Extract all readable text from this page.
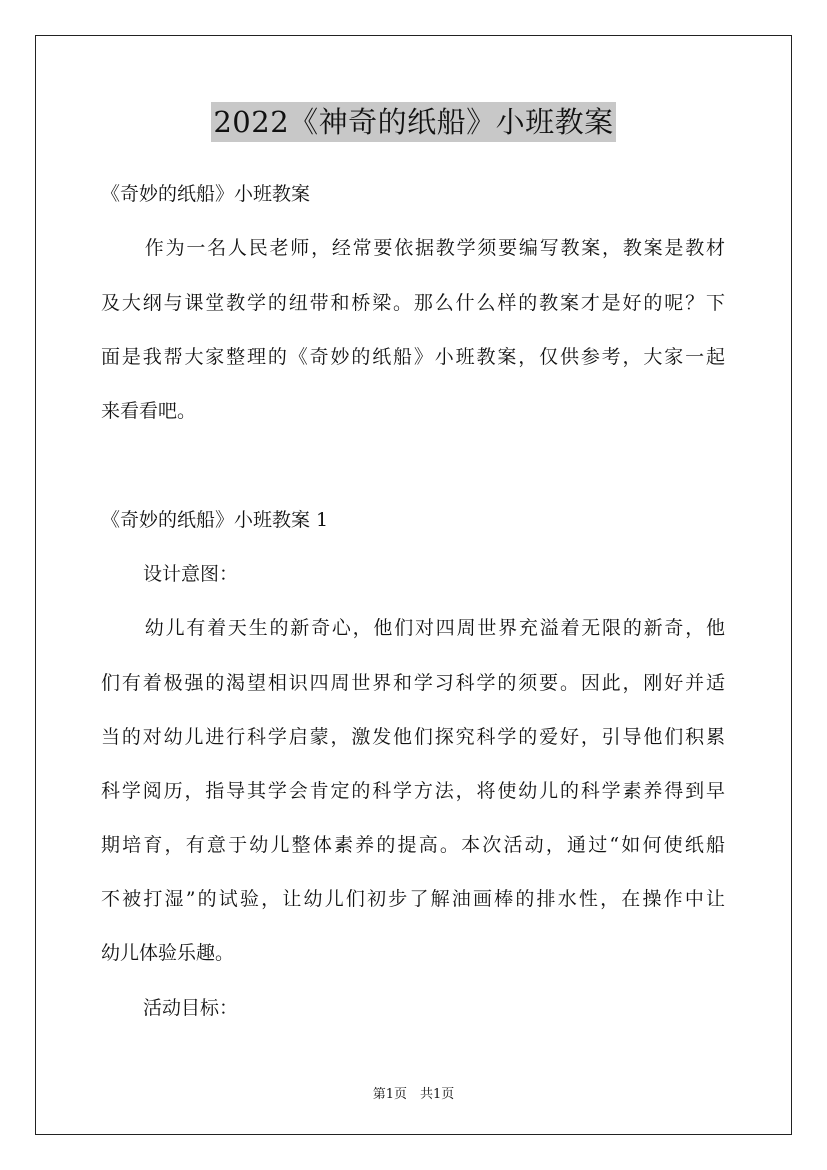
2022《神奇的纸船》小班教案
《奇妙的纸船》小班教案
作为一名人民老师，经常要依据教学须要编写教案，教案是教材
及大纲与课堂教学的纽带和桥梁。那么什么样的教案才是好的呢？下
面是我帮大家整理的《奇妙的纸船》小班教案，仅供参考，大家一起
来看看吧。
《奇妙的纸船》小班教案 1
设计意图：
幼儿有着天生的新奇心，他们对四周世界充溢着无限的新奇，他
们有着极强的渴望相识四周世界和学习科学的须要。因此，刚好并适
当的对幼儿进行科学启蒙，激发他们探究科学的爱好，引导他们积累
科学阅历，指导其学会肯定的科学方法，将使幼儿的科学素养得到早
期培育，有意于幼儿整体素养的提高。本次活动，通过“如何使纸船
不被打湿”的试验，让幼儿们初步了解油画棒的排水性，在操作中让
幼儿体验乐趣。
活动目标：
第1页　共1页
